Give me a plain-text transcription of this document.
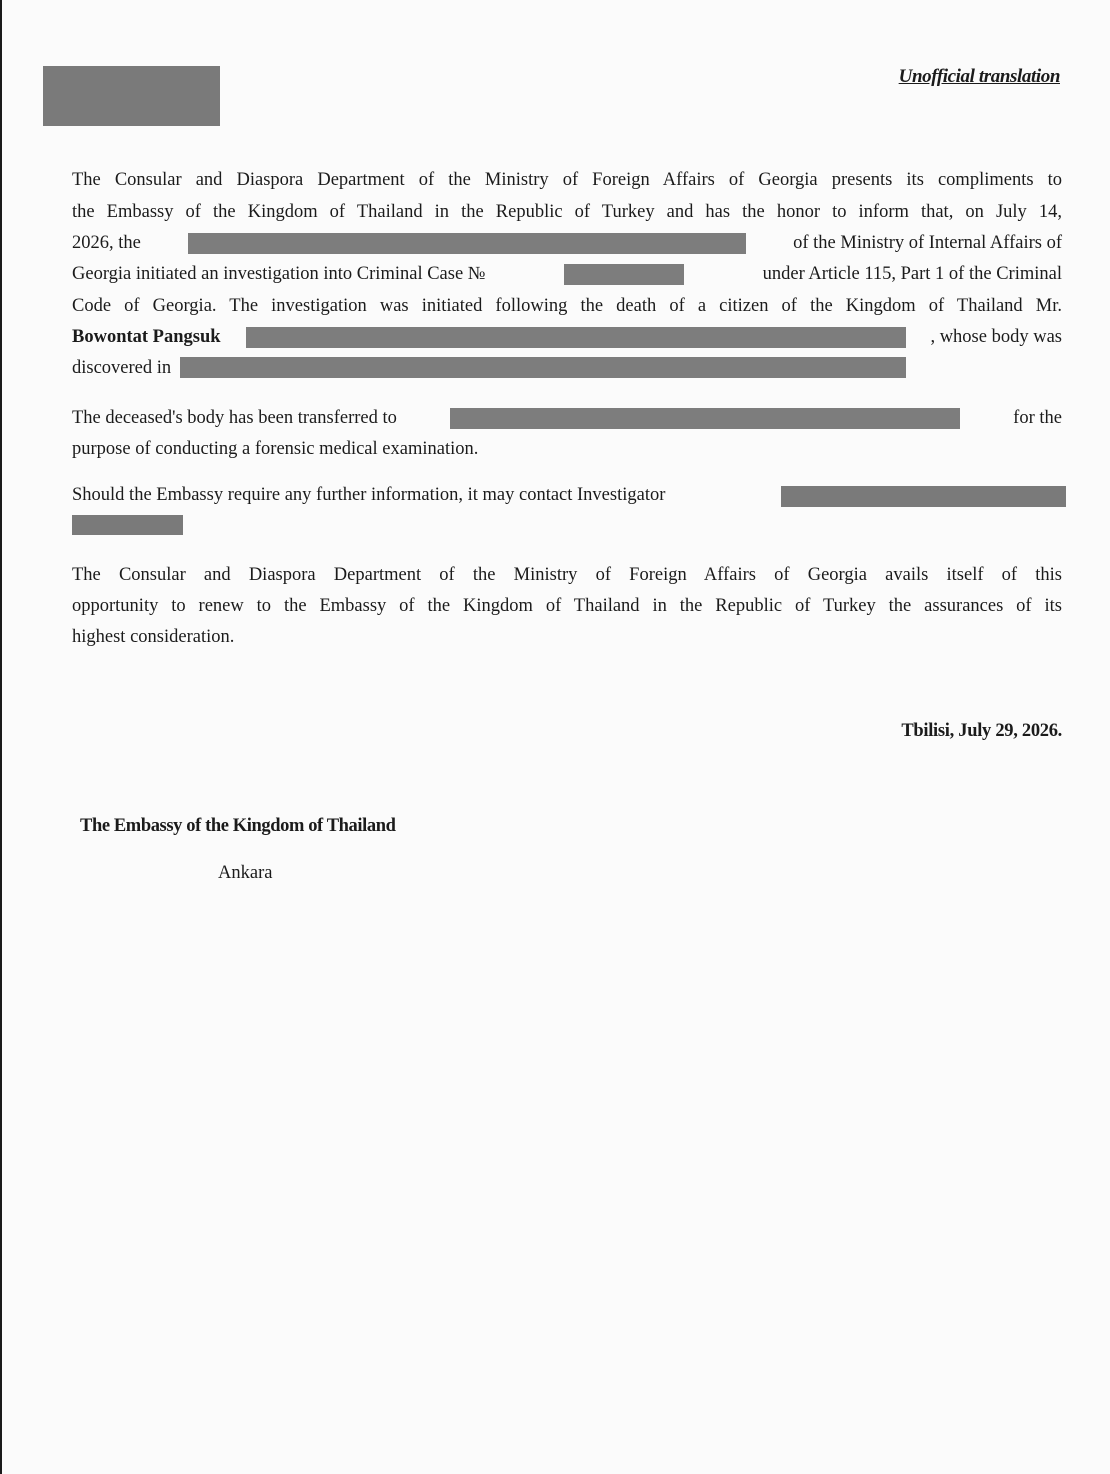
Unofficial translation
The Consular and Diaspora Department of the Ministry of Foreign Affairs of Georgia presents its compliments to
the Embassy of the Kingdom of Thailand in the Republic of Turkey and has the honor to inform that, on July 14,
2026, the	of the Ministry of Internal Affairs of
Georgia initiated an investigation into Criminal Case №	under Article 115, Part 1 of the Criminal
Code of Georgia. The investigation was initiated following the death of a citizen of the Kingdom of Thailand Mr.
Bowontat Pangsuk	, whose body was
discovered in
The deceased's body has been transferred to	for the
purpose of conducting a forensic medical examination.
Should the Embassy require any further information, it may contact Investigator
The Consular and Diaspora Department of the Ministry of Foreign Affairs of Georgia avails itself of this
opportunity to renew to the Embassy of the Kingdom of Thailand in the Republic of Turkey the assurances of its
highest consideration.
Tbilisi, July 29, 2026.
The Embassy of the Kingdom of Thailand
Ankara
